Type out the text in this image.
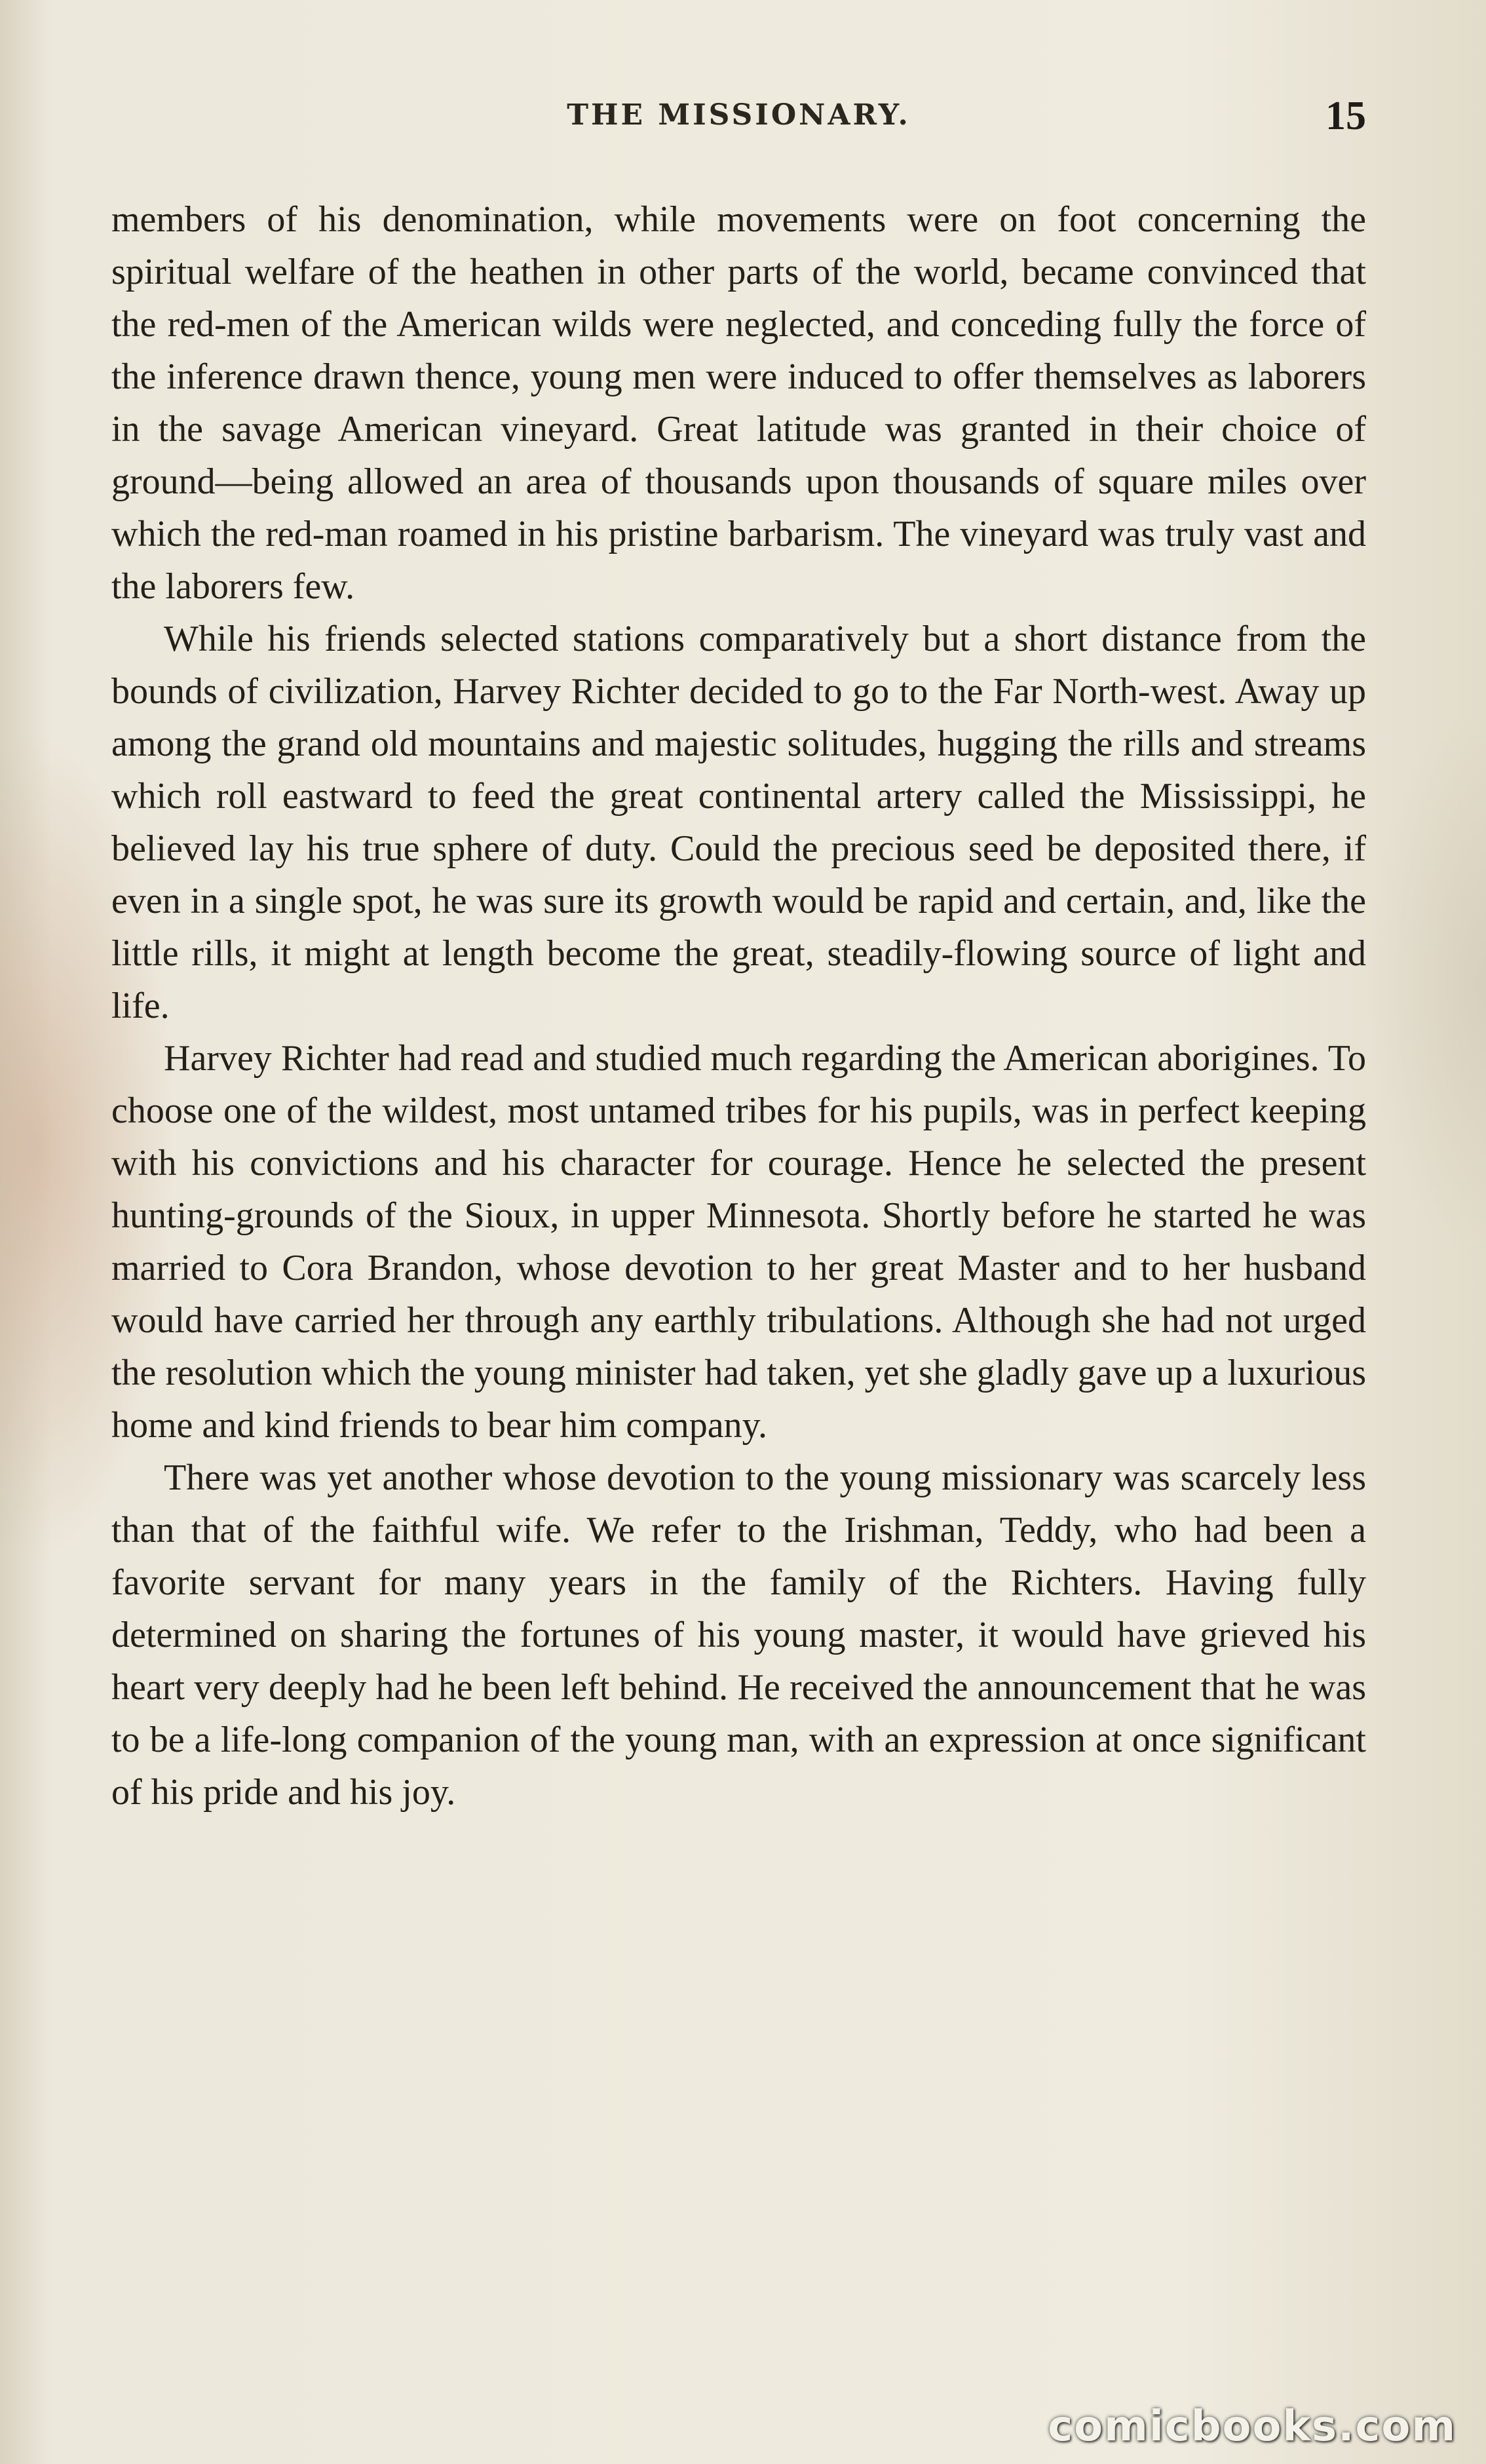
THE MISSIONARY.	15

members of his denomination, while movements were on foot concerning the spiritual welfare of the heathen in other parts of the world, became convinced that the red-men of the American wilds were neglected, and conceding fully the force of the inference drawn thence, young men were induced to offer themselves as laborers in the savage American vineyard. Great latitude was granted in their choice of ground—being allowed an area of thousands upon thousands of square miles over which the red-man roamed in his pristine barbarism. The vineyard was truly vast and the laborers few.

While his friends selected stations comparatively but a short distance from the bounds of civilization, Harvey Richter decided to go to the Far North-west. Away up among the grand old mountains and majestic solitudes, hugging the rills and streams which roll eastward to feed the great continental artery called the Mississippi, he believed lay his true sphere of duty. Could the precious seed be deposited there, if even in a single spot, he was sure its growth would be rapid and certain, and, like the little rills, it might at length become the great, steadily-flowing source of light and life.

Harvey Richter had read and studied much regarding the American aborigines. To choose one of the wildest, most untamed tribes for his pupils, was in perfect keeping with his convictions and his character for courage. Hence he selected the present hunting-grounds of the Sioux, in upper Minnesota. Shortly before he started he was married to Cora Brandon, whose devotion to her great Master and to her husband would have carried her through any earthly tribulations. Although she had not urged the resolution which the young minister had taken, yet she gladly gave up a luxurious home and kind friends to bear him company.

There was yet another whose devotion to the young missionary was scarcely less than that of the faithful wife. We refer to the Irishman, Teddy, who had been a favorite servant for many years in the family of the Richters. Having fully determined on sharing the fortunes of his young master, it would have grieved his heart very deeply had he been left behind. He received the announcement that he was to be a life-long companion of the young man, with an expression at once significant of his pride and his joy.

comicbooks.com
